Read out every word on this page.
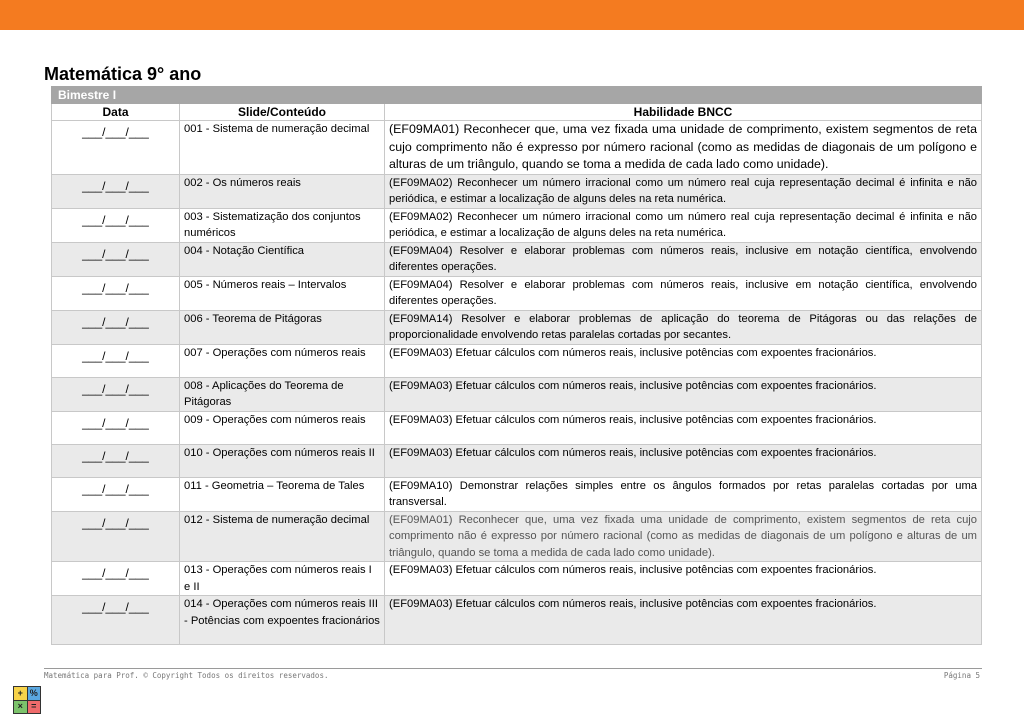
Matemática 9° ano
Bimestre I		
Data	Slide/Conteúdo	Habilidade BNCC
___/___/___	001 - Sistema de numeração decimal	(EF09MA01) Reconhecer que, uma vez fixada uma unidade de comprimento, existem segmentos de reta cujo comprimento não é expresso por número racional (como as medidas de diagonais de um polígono e alturas de um triângulo, quando se toma a medida de cada lado como unidade).
___/___/___	002 - Os números reais	(EF09MA02) Reconhecer um número irracional como um número real cuja representação decimal é infinita e não periódica, e estimar a localização de alguns deles na reta numérica.
___/___/___	003 - Sistematização dos conjuntos numéricos	(EF09MA02) Reconhecer um número irracional como um número real cuja representação decimal é infinita e não periódica, e estimar a localização de alguns deles na reta numérica.
___/___/___	004 - Notação Científica	(EF09MA04) Resolver e elaborar problemas com números reais, inclusive em notação científica, envolvendo diferentes operações.
___/___/___	005 - Números reais – Intervalos	(EF09MA04) Resolver e elaborar problemas com números reais, inclusive em notação científica, envolvendo diferentes operações.
___/___/___	006 - Teorema de Pitágoras	(EF09MA14) Resolver e elaborar problemas de aplicação do teorema de Pitágoras ou das relações de proporcionalidade envolvendo retas paralelas cortadas por secantes.
___/___/___	007 - Operações com números reais	(EF09MA03) Efetuar cálculos com números reais, inclusive potências com expoentes fracionários.
___/___/___	008 - Aplicações do Teorema de Pitágoras	(EF09MA03) Efetuar cálculos com números reais, inclusive potências com expoentes fracionários.
___/___/___	009 - Operações com números reais	(EF09MA03) Efetuar cálculos com números reais, inclusive potências com expoentes fracionários.
___/___/___	010 - Operações com números reais II	(EF09MA03) Efetuar cálculos com números reais, inclusive potências com expoentes fracionários.
___/___/___	011 - Geometria – Teorema de Tales	(EF09MA10) Demonstrar relações simples entre os ângulos formados por retas paralelas cortadas por uma transversal.
___/___/___	012 - Sistema de numeração decimal	(EF09MA01) Reconhecer que, uma vez fixada uma unidade de comprimento, existem segmentos de reta cujo comprimento não é expresso por número racional (como as medidas de diagonais de um polígono e alturas de um triângulo, quando se toma a medida de cada lado como unidade).
___/___/___	013 - Operações com números reais I e II	(EF09MA03) Efetuar cálculos com números reais, inclusive potências com expoentes fracionários.
___/___/___	014 - Operações com números reais III - Potências com expoentes fracionários	(EF09MA03) Efetuar cálculos com números reais, inclusive potências com expoentes fracionários.
Matemática para Prof. © Copyright Todos os direitos reservados.	Página 5
+ %
× =
